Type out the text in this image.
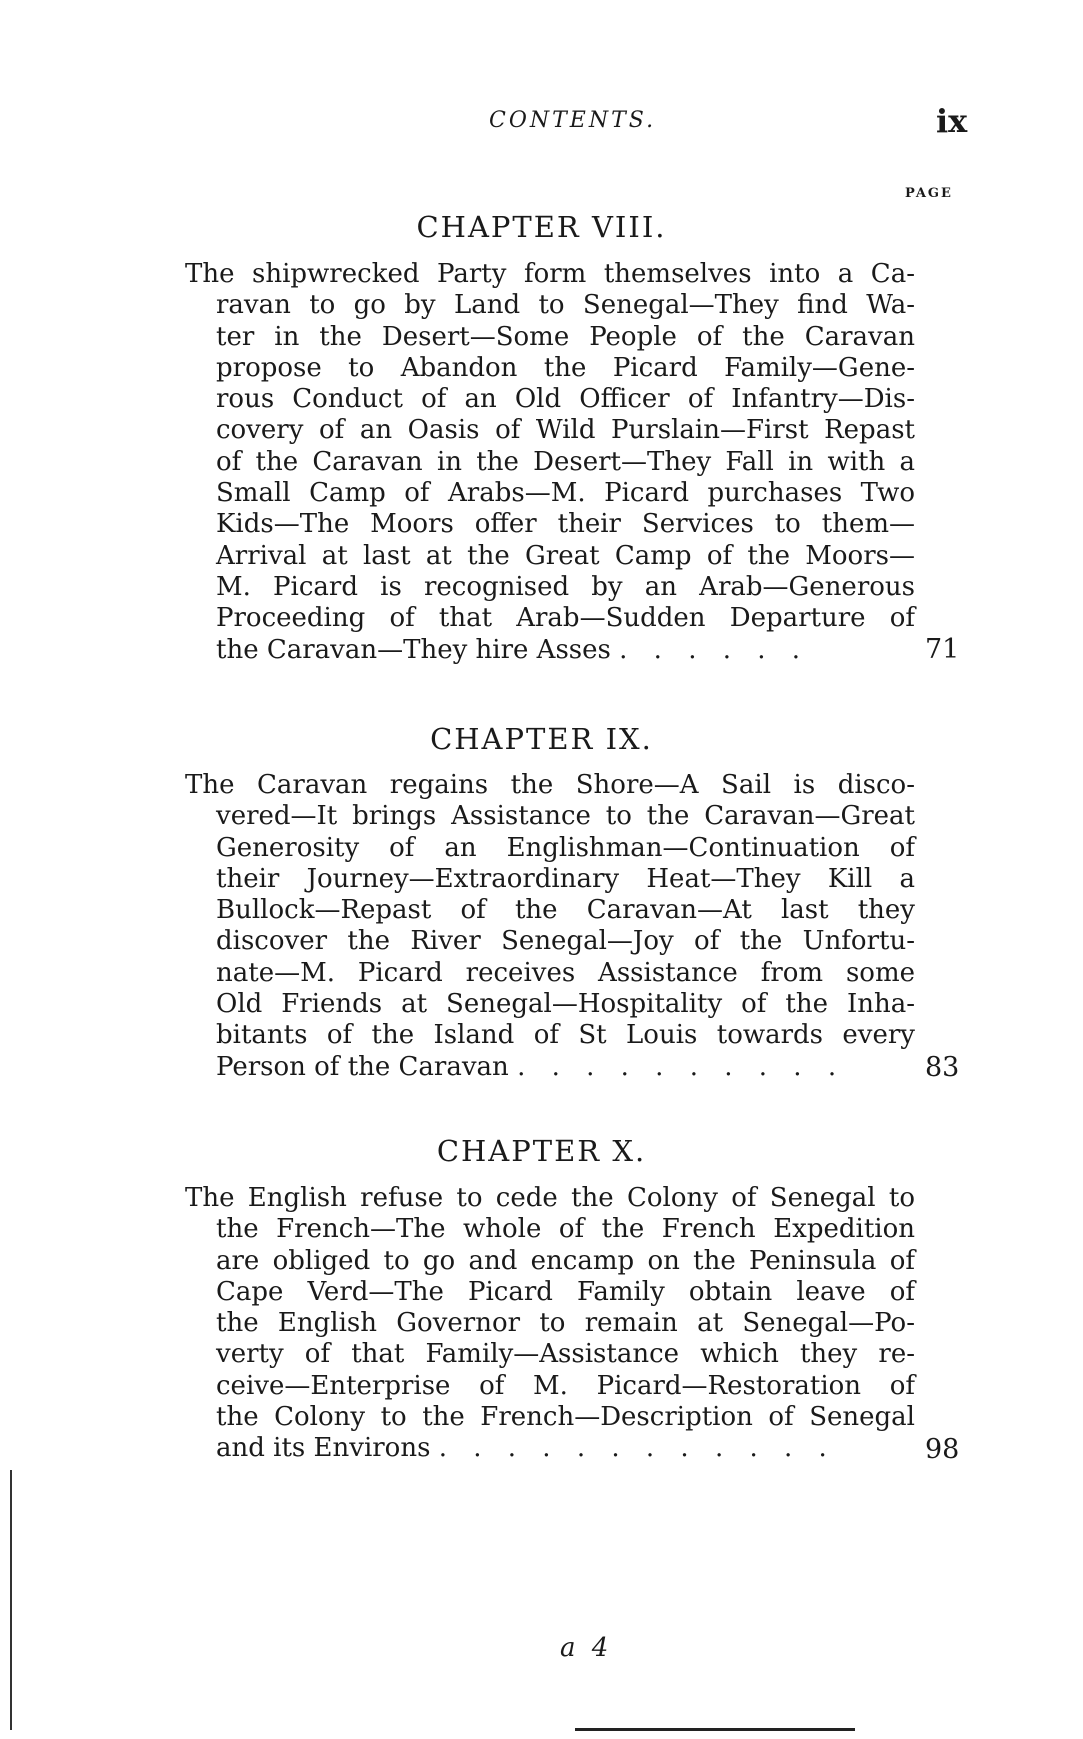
CONTENTS.	ix
PAGE
CHAPTER VIII.
The shipwrecked Party form themselves into a Ca-
ravan to go by Land to Senegal—They find Wa-
ter in the Desert—Some People of the Caravan
propose to Abandon the Picard Family—Gene-
rous Conduct of an Old Officer of Infantry—Dis-
covery of an Oasis of Wild Purslain—First Repast
of the Caravan in the Desert—They Fall in with a
Small Camp of Arabs—M. Picard purchases Two
Kids—The Moors offer their Services to them—
Arrival at last at the Great Camp of the Moors—
M. Picard is recognised by an Arab—Generous
Proceeding of that Arab—Sudden Departure of
the Caravan—They hire Asses . . . . . .	71
CHAPTER IX.
The Caravan regains the Shore—A Sail is disco-
vered—It brings Assistance to the Caravan—Great
Generosity of an Englishman—Continuation of
their Journey—Extraordinary Heat—They Kill a
Bullock—Repast of the Caravan—At last they
discover the River Senegal—Joy of the Unfortu-
nate—M. Picard receives Assistance from some
Old Friends at Senegal—Hospitality of the Inha-
bitants of the Island of St Louis towards every
Person of the Caravan . . . . . . . . . .	83
CHAPTER X.
The English refuse to cede the Colony of Senegal to
the French—The whole of the French Expedition
are obliged to go and encamp on the Peninsula of
Cape Verd—The Picard Family obtain leave of
the English Governor to remain at Senegal—Po-
verty of that Family—Assistance which they re-
ceive—Enterprise of M. Picard—Restoration of
the Colony to the French—Description of Senegal
and its Environs . . . . . . . . . . . .	98
a 4
